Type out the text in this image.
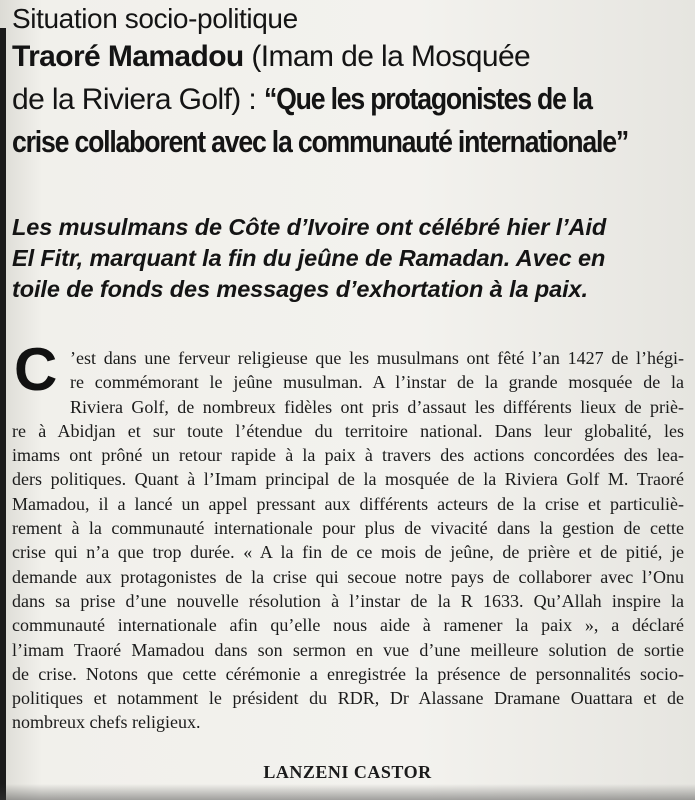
Situation socio-politique
Traoré Mamadou (Imam de la Mosquée
de la Riviera Golf) : “Que les protagonistes de la
crise collaborent avec la communauté internationale”
Les musulmans de Côte d’Ivoire ont célébré hier l’Aid
El Fitr, marquant la fin du jeûne de Ramadan. Avec en
toile de fonds des messages d’exhortation à la paix.
C ’est dans une ferveur religieuse que les musulmans ont fêté l’an 1427 de l’hégi-
re commémorant le jeûne musulman. A l’instar de la grande mosquée de la
Riviera Golf, de nombreux fidèles ont pris d’assaut les différents lieux de priè-
re à Abidjan et sur toute l’étendue du territoire national. Dans leur globalité, les
imams ont prôné un retour rapide à la paix à travers des actions concordées des lea-
ders politiques. Quant à l’Imam principal de la mosquée de la Riviera Golf M. Traoré
Mamadou, il a lancé un appel pressant aux différents acteurs de la crise et particuliè-
rement à la communauté internationale pour plus de vivacité dans la gestion de cette
crise qui n’a que trop durée. « A la fin de ce mois de jeûne, de prière et de pitié, je
demande aux protagonistes de la crise qui secoue notre pays de collaborer avec l’Onu
dans sa prise d’une nouvelle résolution à l’instar de la R 1633. Qu’Allah inspire la
communauté internationale afin qu’elle nous aide à ramener la paix », a déclaré
l’imam Traoré Mamadou dans son sermon en vue d’une meilleure solution de sortie
de crise. Notons que cette cérémonie a enregistrée la présence de personnalités socio-
politiques et notamment le président du RDR, Dr Alassane Dramane Ouattara et de
nombreux chefs religieux.
LANZENI CASTOR
